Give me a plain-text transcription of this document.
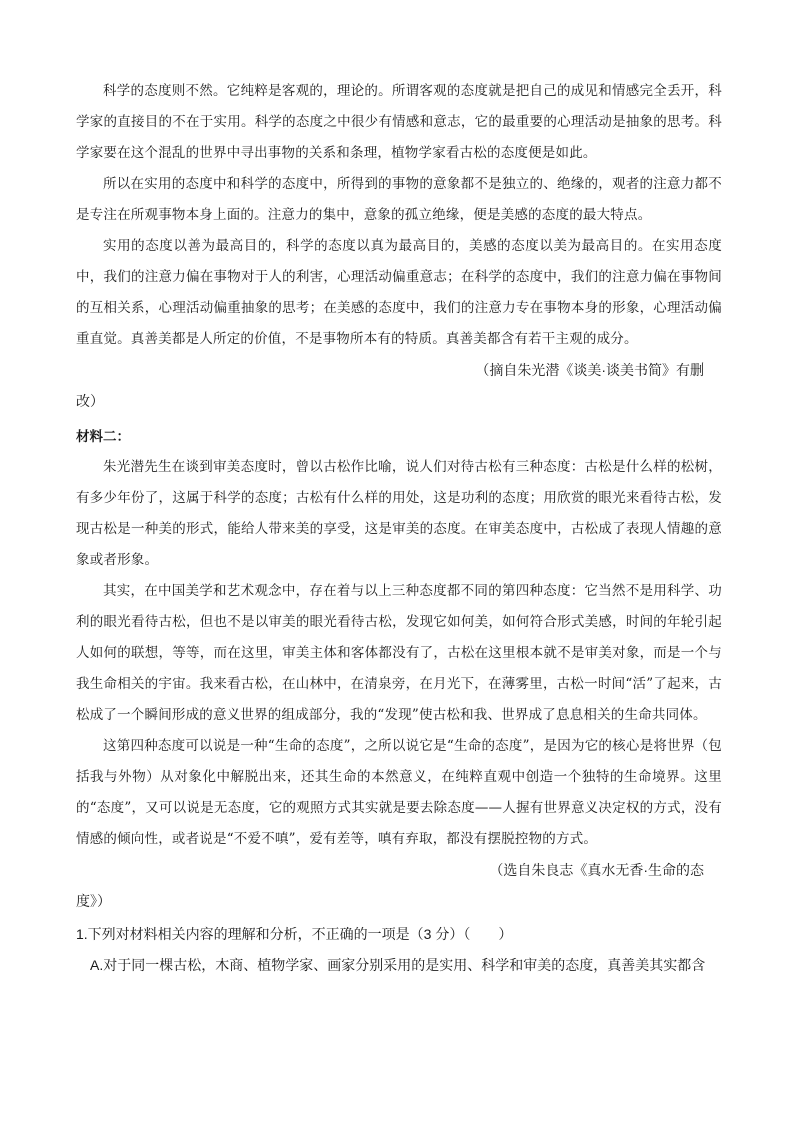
科学的态度则不然。它纯粹是客观的，理论的。所谓客观的态度就是把自己的成见和情感完全丢开，科学家的直接目的不在于实用。科学的态度之中很少有情感和意志，它的最重要的心理活动是抽象的思考。科学家要在这个混乱的世界中寻出事物的关系和条理，植物学家看古松的态度便是如此。

所以在实用的态度中和科学的态度中，所得到的事物的意象都不是独立的、绝缘的，观者的注意力都不是专注在所观事物本身上面的。注意力的集中，意象的孤立绝缘，便是美感的态度的最大特点。

实用的态度以善为最高目的，科学的态度以真为最高目的，美感的态度以美为最高目的。在实用态度中，我们的注意力偏在事物对于人的利害，心理活动偏重意志；在科学的态度中，我们的注意力偏在事物间的互相关系，心理活动偏重抽象的思考；在美感的态度中，我们的注意力专在事物本身的形象，心理活动偏重直觉。真善美都是人所定的价值，不是事物所本有的特质。真善美都含有若干主观的成分。

（摘自朱光潜《谈美·谈美书简》有删

改）

材料二：

朱光潜先生在谈到审美态度时，曾以古松作比喻，说人们对待古松有三种态度：古松是什么样的松树，有多少年份了，这属于科学的态度；古松有什么样的用处，这是功利的态度；用欣赏的眼光来看待古松，发现古松是一种美的形式，能给人带来美的享受，这是审美的态度。在审美态度中，古松成了表现人情趣的意象或者形象。

其实，在中国美学和艺术观念中，存在着与以上三种态度都不同的第四种态度：它当然不是用科学、功利的眼光看待古松，但也不是以审美的眼光看待古松，发现它如何美，如何符合形式美感，时间的年轮引起人如何的联想，等等，而在这里，审美主体和客体都没有了，古松在这里根本就不是审美对象，而是一个与我生命相关的宇宙。我来看古松，在山林中，在清泉旁，在月光下，在薄雾里，古松一时间“活”了起来，古松成了一个瞬间形成的意义世界的组成部分，我的“发现”使古松和我、世界成了息息相关的生命共同体。

这第四种态度可以说是一种“生命的态度”，之所以说它是“生命的态度”，是因为它的核心是将世界（包括我与外物）从对象化中解脱出来，还其生命的本然意义，在纯粹直观中创造一个独特的生命境界。这里的“态度”，又可以说是无态度，它的观照方式其实就是要去除态度——人握有世界意义决定权的方式，没有情感的倾向性，或者说是“不爱不嗔”，爱有差等，嗔有弃取，都没有摆脱控物的方式。

（选自朱良志《真水无香·生命的态

度》）

1.下列对材料相关内容的理解和分析，不正确的一项是（3 分）（　　）

A.对于同一棵古松，木商、植物学家、画家分别采用的是实用、科学和审美的态度，真善美其实都含
